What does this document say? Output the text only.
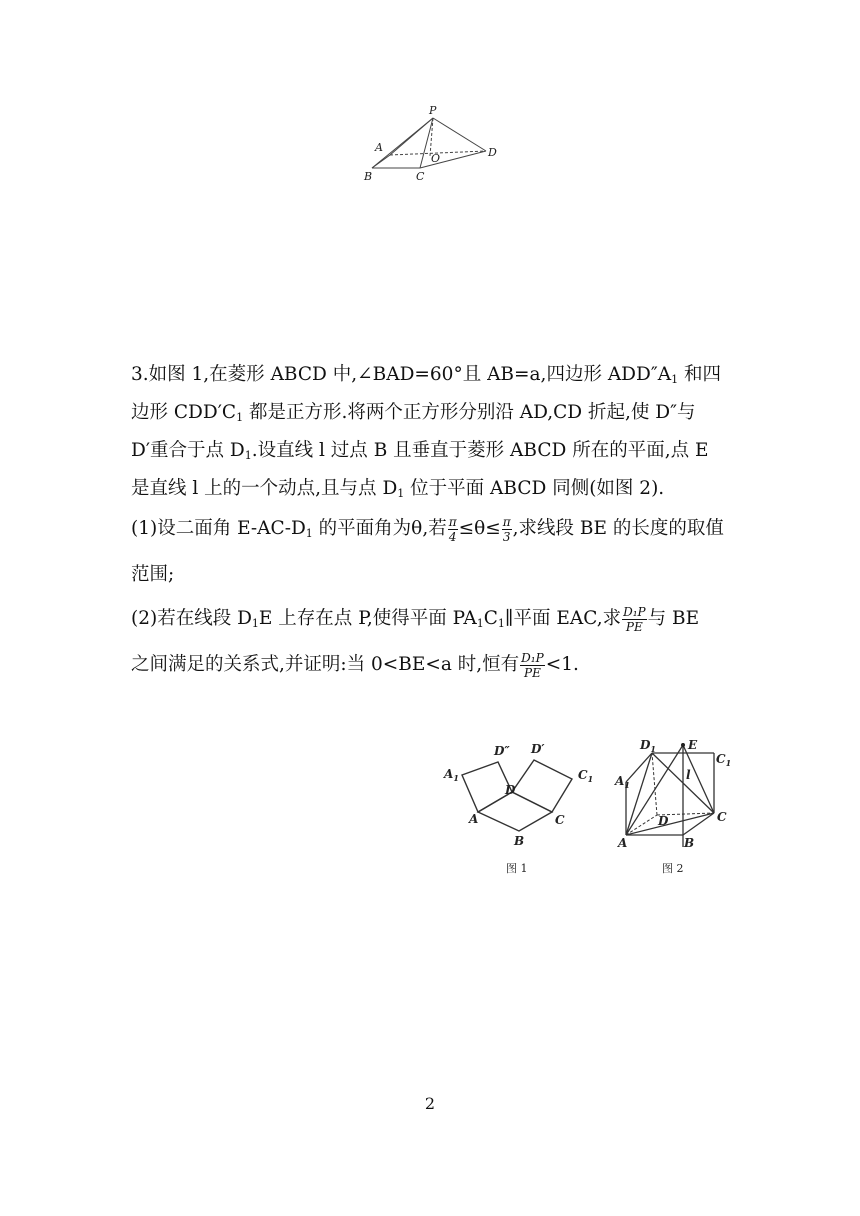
P
A
B	C
O	D

3.如图 1,在菱形 ABCD 中,∠BAD=60°且 AB=a,四边形 $ADD''A_1$ 和四
边形 $CDD'C_1$ 都是正方形.将两个正方形分别沿 AD,CD 折起,使 D″与
D′重合于点 $D_1$.设直线 l 过点 B 且垂直于菱形 ABCD 所在的平面,点 E
是直线 l 上的一个动点,且与点 $D_1$ 位于平面 ABCD 同侧(如图 2).

(1)设二面角 $E-AC-D_1$ 的平面角为θ,若 $\frac{\pi}{4} \le\theta\le \frac{\pi}{3}$ ,求线段 BE 的长度的取值
范围;

(2)若在线段 $D_1E$ 上存在点 P,使得平面 $PA_1C_1\parallel$平面 EAC,求 $\frac{\text{D₁P}}{PE}$ 与 BE
之间满足的关系式,并证明:当 0<BE<a 时,恒有 $\frac{\text{D₁P}}{PE} <1$.

D″ D′
$A_1$	$C_1$
D
A	C
B
图 1
$D_1$	E
$C_1$
$A_1$
l
C
D
A	B
图 2
2
